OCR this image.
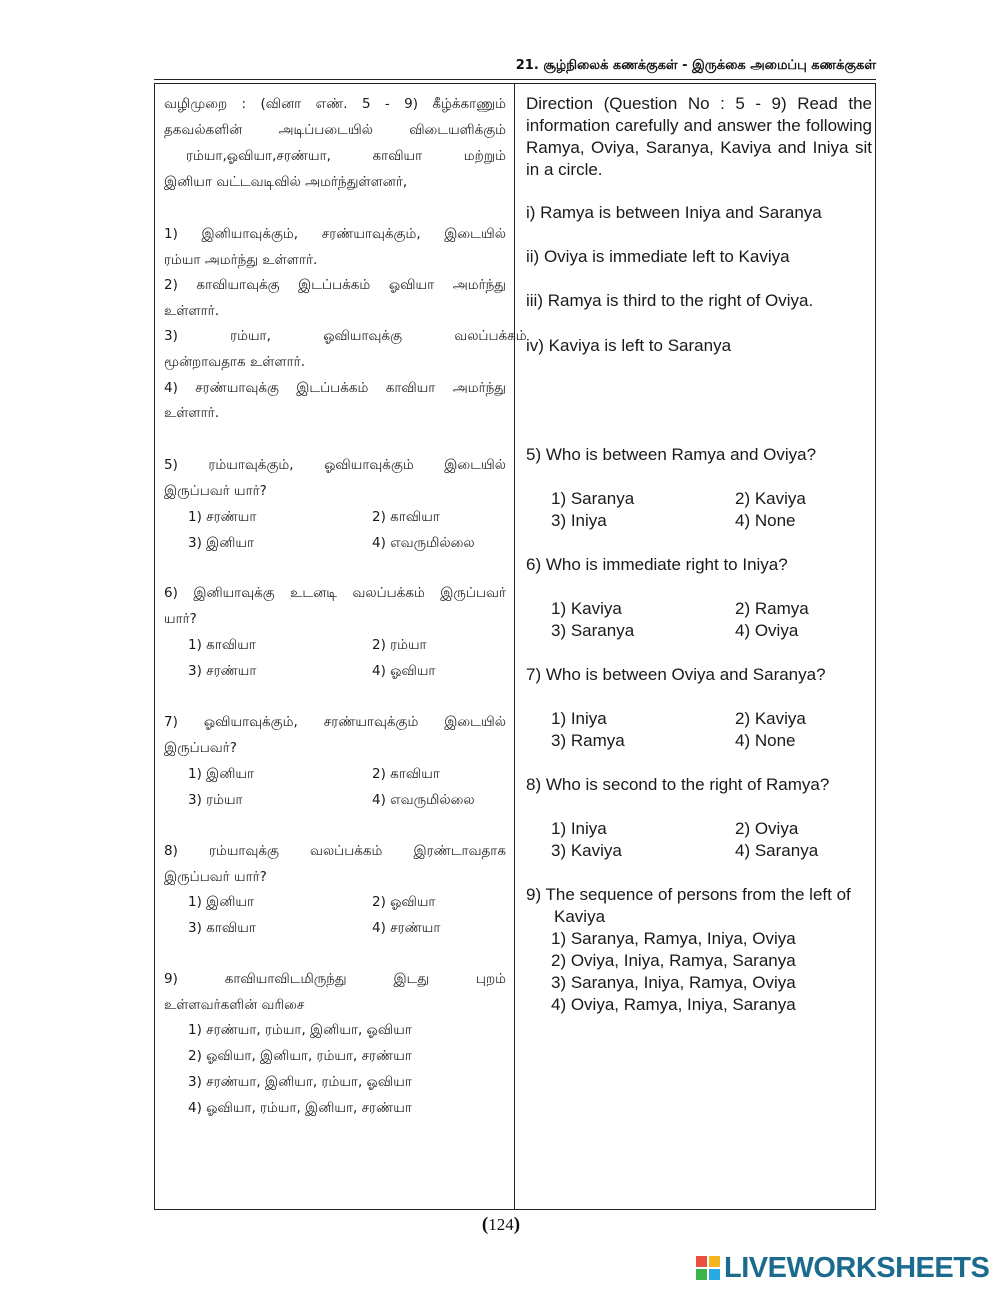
21. சூழ்நிலைக் கணக்குகள் - இருக்கை அமைப்பு கணக்குகள்
வழிமுறை : (வினா எண். 5 - 9) கீழ்க்காணும்
தகவல்களின் அடிப்படையில் விடையளிக்கும்
ரம்யா,ஓவியா,சரண்யா, காவியா மற்றும்
இனியா வட்டவடிவில் அமர்ந்துள்ளனர்,
1) இனியாவுக்கும், சரண்யாவுக்கும், இடையில்
ரம்யா அமர்ந்து உள்ளார்.
2) காவியாவுக்கு இடப்பக்கம் ஓவியா அமர்ந்து
உள்ளார்.
3) ரம்யா, ஓவியாவுக்கு வலப்பக்கம்
மூன்றாவதாக உள்ளார்.
4) சரண்யாவுக்கு இடப்பக்கம் காவியா அமர்ந்து
உள்ளார்.
5) ரம்யாவுக்கும், ஓவியாவுக்கும் இடையில்
இருப்பவர் யார்?
1) சரண்யா	2) காவியா
3) இனியா	4) எவருமில்லை
6) இனியாவுக்கு உடனடி வலப்பக்கம் இருப்பவர்
யார்?
1) காவியா	2) ரம்யா
3) சரண்யா	4) ஓவியா
7) ஓவியாவுக்கும், சரண்யாவுக்கும் இடையில்
இருப்பவர்?
1) இனியா	2) காவியா
3) ரம்யா	4) எவருமில்லை
8) ரம்யாவுக்கு வலப்பக்கம் இரண்டாவதாக
இருப்பவர் யார்?
1) இனியா	2) ஓவியா
3) காவியா	4) சரண்யா
9) காவியாவிடமிருந்து இடது புறம்
உள்ளவர்களின் வரிசை
1) சரண்யா, ரம்யா, இனியா, ஓவியா
2) ஓவியா, இனியா, ரம்யா, சரண்யா
3) சரண்யா, இனியா, ரம்யா, ஓவியா
4) ஓவியா, ரம்யா, இனியா, சரண்யா
Direction (Question No : 5 - 9) Read the
information carefully and answer the following
Ramya, Oviya, Saranya, Kaviya and Iniya sit
in a circle.
i) Ramya is between Iniya and Saranya
ii) Oviya is immediate left to Kaviya
iii) Ramya is third to the right of Oviya.
iv) Kaviya is left to Saranya
5) Who is between Ramya and Oviya?
1) Saranya	2) Kaviya
3) Iniya	4) None
6) Who is immediate right to Iniya?
1) Kaviya	2) Ramya
3) Saranya	4) Oviya
7) Who is between Oviya and Saranya?
1) Iniya	2) Kaviya
3) Ramya	4) None
8) Who is second to the right of Ramya?
1) Iniya	2) Oviya
3) Kaviya	4) Saranya
9) The sequence of persons from the left of
Kaviya
1) Saranya, Ramya, Iniya, Oviya
2) Oviya, Iniya, Ramya, Saranya
3) Saranya, Iniya, Ramya, Oviya
4) Oviya, Ramya, Iniya, Saranya
(124)
LIVEWORKSHEETS
